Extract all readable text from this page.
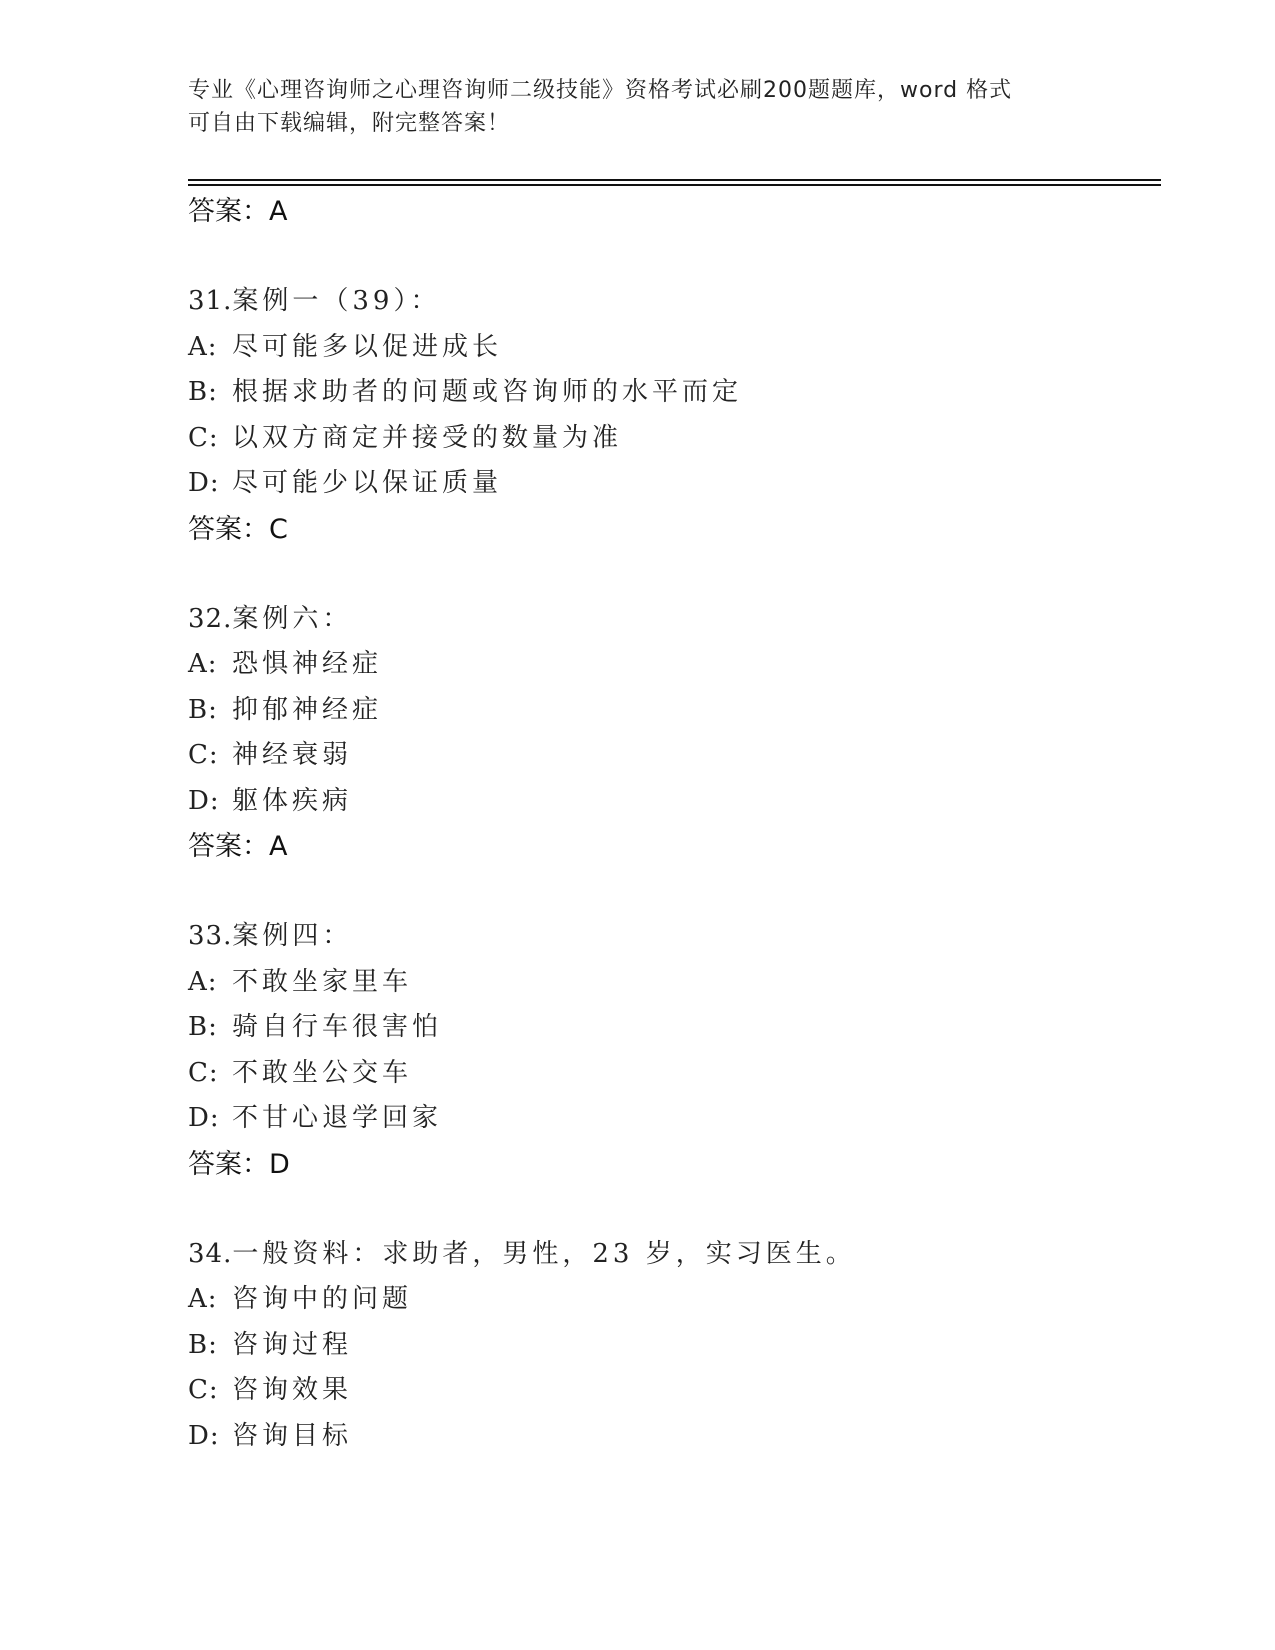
专业《心理咨询师之心理咨询师二级技能》资格考试必刷200题题库，word 格式
可自由下载编辑，附完整答案！
答案：A
31.案例一（39）：
A: 尽可能多以促进成长
B: 根据求助者的问题或咨询师的水平而定
C: 以双方商定并接受的数量为准
D: 尽可能少以保证质量
答案：C
32.案例六：
A: 恐惧神经症
B: 抑郁神经症
C: 神经衰弱
D: 躯体疾病
答案：A
33.案例四：
A: 不敢坐家里车
B: 骑自行车很害怕
C: 不敢坐公交车
D: 不甘心退学回家
答案：D
34.一般资料：求助者，男性，23 岁，实习医生。
A: 咨询中的问题
B: 咨询过程
C: 咨询效果
D: 咨询目标
